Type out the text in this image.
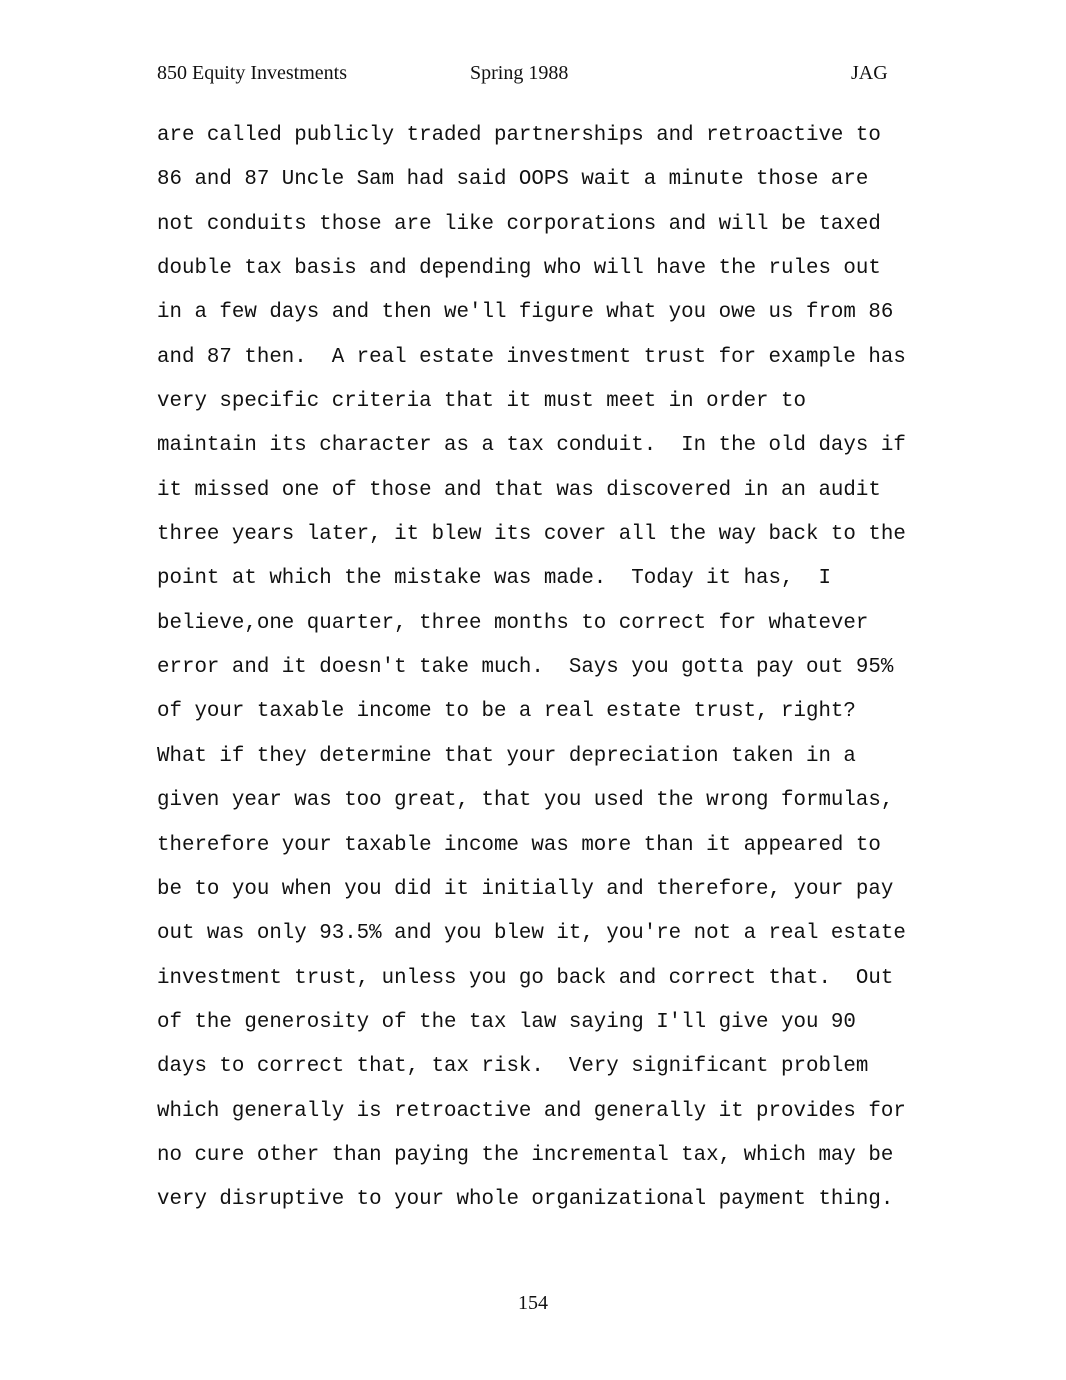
850 Equity Investments	Spring 1988	JAG
are called publicly traded partnerships and retroactive to
86 and 87 Uncle Sam had said OOPS wait a minute those are
not conduits those are like corporations and will be taxed
double tax basis and depending who will have the rules out
in a few days and then we'll figure what you owe us from 86
and 87 then.  A real estate investment trust for example has
very specific criteria that it must meet in order to
maintain its character as a tax conduit.  In the old days if
it missed one of those and that was discovered in an audit
three years later, it blew its cover all the way back to the
point at which the mistake was made.  Today it has,  I
believe,one quarter, three months to correct for whatever
error and it doesn't take much.  Says you gotta pay out 95%
of your taxable income to be a real estate trust, right?
What if they determine that your depreciation taken in a
given year was too great, that you used the wrong formulas,
therefore your taxable income was more than it appeared to
be to you when you did it initially and therefore, your pay
out was only 93.5% and you blew it, you're not a real estate
investment trust, unless you go back and correct that.  Out
of the generosity of the tax law saying I'll give you 90
days to correct that, tax risk.  Very significant problem
which generally is retroactive and generally it provides for
no cure other than paying the incremental tax, which may be
very disruptive to your whole organizational payment thing.
154
